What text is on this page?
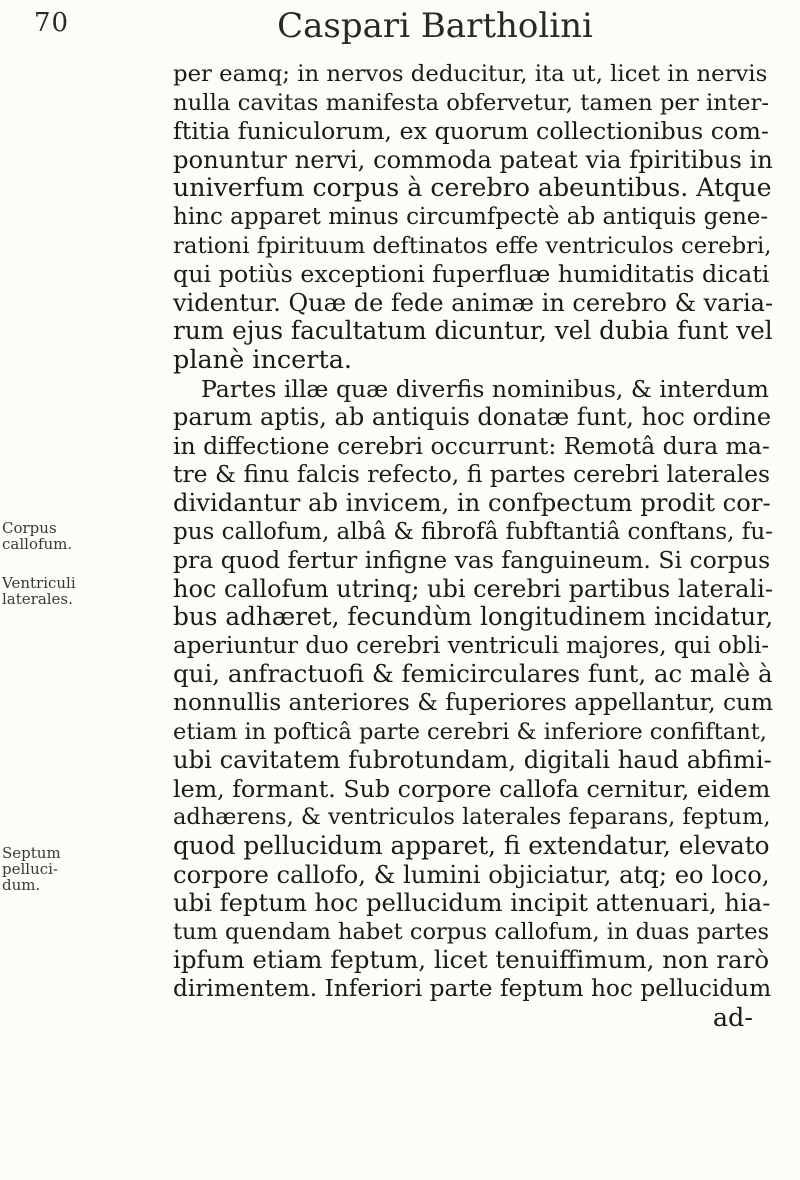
70	Caspari Bartholini
Corpus
callofum.
Ventriculi
laterales.
Septum
pelluci-
dum.
per eamq; in nervos deducitur, ita ut, licet in nervis
nulla cavitas manifesta obfervetur, tamen per inter-
ftitia funiculorum, ex quorum collectionibus com-
ponuntur nervi, commoda pateat via fpiritibus in
univerfum corpus à cerebro abeuntibus. Atque
hinc apparet minus circumfpectè ab antiquis gene-
rationi fpirituum deftinatos effe ventriculos cerebri,
qui potiùs exceptioni fuperfluæ humiditatis dicati
videntur. Quæ de fede animæ in cerebro & varia-
rum ejus facultatum dicuntur, vel dubia funt vel
planè incerta.
Partes illæ quæ diverfis nominibus, & interdum
parum aptis, ab antiquis donatæ funt, hoc ordine
in diffectione cerebri occurrunt: Remotâ dura ma-
tre & finu falcis refecto, fi partes cerebri laterales
dividantur ab invicem, in confpectum prodit cor-
pus callofum, albâ & fibrofâ fubftantiâ conftans, fu-
pra quod fertur infigne vas fanguineum. Si corpus
hoc callofum utrinq; ubi cerebri partibus laterali-
bus adhæret, fecundùm longitudinem incidatur,
aperiuntur duo cerebri ventriculi majores, qui obli-
qui, anfractuofi & femicirculares funt, ac malè à
nonnullis anteriores & fuperiores appellantur, cum
etiam in pofticâ parte cerebri & inferiore confiftant,
ubi cavitatem fubrotundam, digitali haud abfimi-
lem, formant. Sub corpore callofa cernitur, eidem
adhærens, & ventriculos laterales feparans, feptum,
quod pellucidum apparet, fi extendatur, elevato
corpore callofo, & lumini objiciatur, atq; eo loco,
ubi feptum hoc pellucidum incipit attenuari, hia-
tum quendam habet corpus callofum, in duas partes
ipfum etiam feptum, licet tenuiffimum, non rarò
dirimentem. Inferiori parte feptum hoc pellucidum
ad-
